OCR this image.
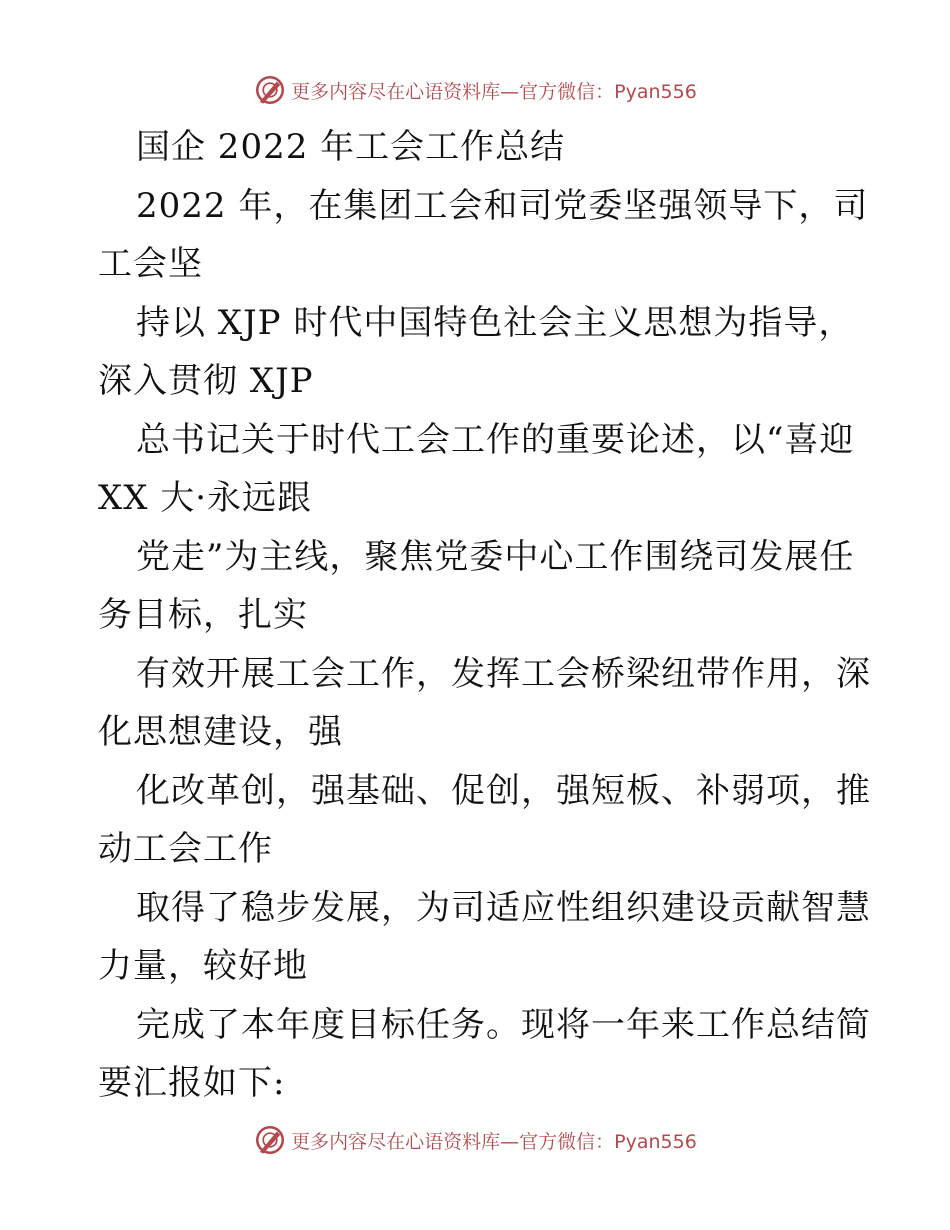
更多内容尽在心语资料库—官方微信：Pyan556
国企 2022 年工会工作总结
2022 年，在集团工会和司党委坚强领导下，司
工会坚
持以 XJP 时代中国特色社会主义思想为指导，
深入贯彻 XJP
总书记关于时代工会工作的重要论述，以“喜迎
XX 大·永远跟
党走”为主线，聚焦党委中心工作围绕司发展任
务目标，扎实
有效开展工会工作，发挥工会桥梁纽带作用，深
化思想建设，强
化改革创，强基础、促创，强短板、补弱项，推
动工会工作
取得了稳步发展，为司适应性组织建设贡献智慧
力量，较好地
完成了本年度目标任务。现将一年来工作总结简
要汇报如下:
更多内容尽在心语资料库—官方微信：Pyan556
